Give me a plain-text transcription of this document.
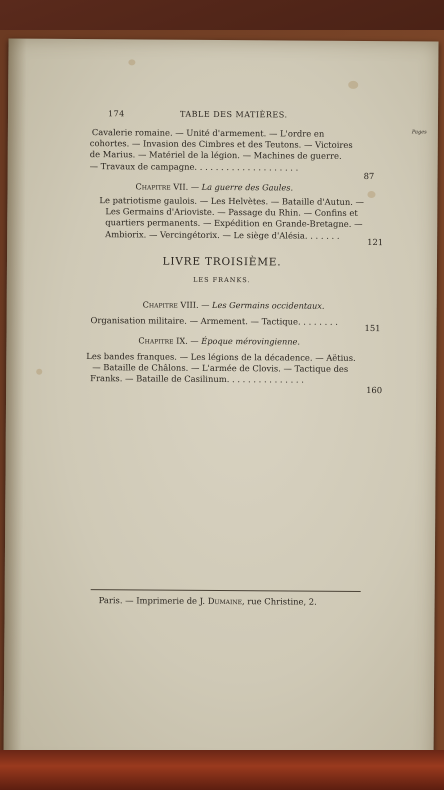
174	TABLE DES MATIÈRES.
Pages
Cavalerie romaine. — Unité d'armement. — L'ordre en
cohortes. — Invasion des Cimbres et des Teutons. — Victoires
de Marius. — Matériel de la légion. — Machines de guerre.
— Travaux de campagne. . . . . . . . . . . . . . . . . . . .
87
Chapitre VII. — La guerre des Gaules.
Le patriotisme gaulois. — Les Helvètes. — Bataille d'Autun. —
Les Germains d'Arioviste. — Passage du Rhin. — Confins et
quartiers permanents. — Expédition en Grande-Bretagne. —
Ambiorix. — Vercingétorix. — Le siège d'Alésia. . . . . . .
121
LIVRE TROISIÈME.
LES FRANKS.
Chapitre VIII. — Les Germains occidentaux.
Organisation militaire. — Armement. — Tactique. . . . . . . .
151
Chapitre IX. — Époque mérovingienne.
Les bandes franques. — Les légions de la décadence. — Aëtius.
— Bataille de Châlons. — L'armée de Clovis. — Tactique des
Franks. — Bataille de Casilinum. . . . . . . . . . . . . . .
160
Paris. — Imprimerie de J. Dumaine, rue Christine, 2.
